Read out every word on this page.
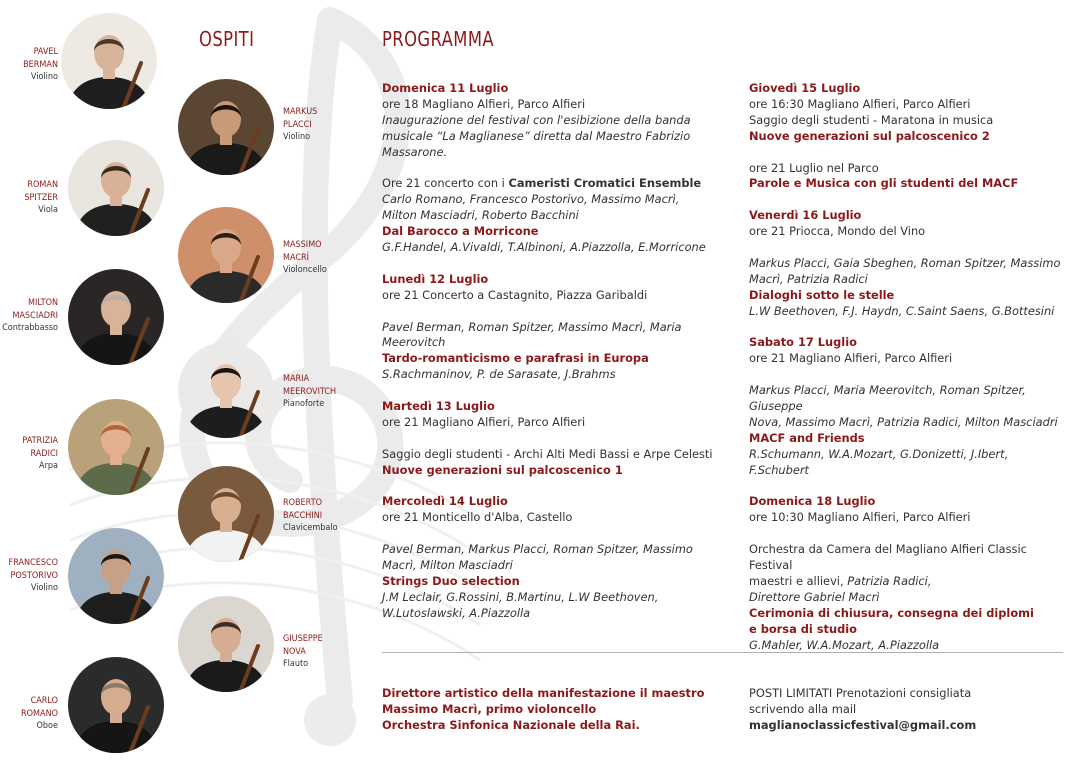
OSPITI	PROGRAMMA
PAVEL
BERMAN
Violino
MARKUS
PLACCI
Violino
ROMAN
SPITZER
Viola
MASSIMO
MACRÌ
Violoncello
MILTON
MASCIADRI
Contrabbasso
MARIA
MEEROVITCH
Pianoforte
PATRIZIA
RADICI
Arpa
ROBERTO
BACCHINI
Clavicembalo
FRANCESCO
POSTORIVO
Violino
GIUSEPPE
NOVA
Flauto
CARLO
ROMANO
Oboe

Domenica 11 Luglio

ore 18 Magliano Alfieri, Parco Alfieri

Inaugurazione del festival con l'esibizione della banda

musicale “La Maglianese” diretta dal Maestro Fabrizio

Massarone.

Ore 21 concerto con i Cameristi Cromatici Ensemble

Carlo Romano, Francesco Postorivo, Massimo Macrì,

Milton Masciadri, Roberto Bacchini

Dal Barocco a Morricone

G.F.Handel, A.Vivaldi, T.Albinoni, A.Piazzolla, E.Morricone

Lunedì 12 Luglio

ore 21 Concerto a Castagnito, Piazza Garibaldi

Pavel Berman, Roman Spitzer, Massimo Macrì, Maria

Meerovitch

Tardo-romanticismo e parafrasi in Europa

S.Rachmaninov, P. de Sarasate, J.Brahms

Martedì 13 Luglio

ore 21 Magliano Alfieri, Parco Alfieri

Saggio degli studenti - Archi Alti Medi Bassi e Arpe Celesti

Nuove generazioni sul palcoscenico 1

Mercoledì 14 Luglio

ore 21 Monticello d'Alba, Castello

Pavel Berman, Markus Placci, Roman Spitzer, Massimo

Macrì, Milton Masciadri

Strings Duo selection

J.M Leclair, G.Rossini, B.Martinu, L.W Beethoven,

W.Lutoslawski, A.Piazzolla

Giovedì 15 Luglio

ore 16:30 Magliano Alfieri, Parco Alfieri

Saggio degli studenti - Maratona in musica

Nuove generazioni sul palcoscenico 2

ore 21 Luglio nel Parco

Parole e Musica con gli studenti del MACF

Venerdì 16 Luglio

ore 21 Priocca, Mondo del Vino

Markus Placci, Gaia Sbeghen, Roman Spitzer, Massimo

Macrì, Patrizia Radici

Dialoghi sotto le stelle

L.W Beethoven, F.J. Haydn, C.Saint Saens, G.Bottesini

Sabato 17 Luglio

ore 21 Magliano Alfieri, Parco Alfieri

Markus Placci, Maria Meerovitch, Roman Spitzer, Giuseppe

Nova, Massimo Macrì, Patrizia Radici, Milton Masciadri

MACF and Friends

R.Schumann, W.A.Mozart, G.Donizetti, J.Ibert, F.Schubert

Domenica 18 Luglio

ore 10:30 Magliano Alfieri, Parco Alfieri

Orchestra da Camera del Magliano Alfieri Classic Festival

maestri e allievi, Patrizia Radici,

Direttore Gabriel Macrì

Cerimonia di chiusura, consegna dei diplomi

e borsa di studio

G.Mahler, W.A.Mozart, A.Piazzolla

Direttore artistico della manifestazione il maestro

Massimo Macrì, primo violoncello

Orchestra Sinfonica Nazionale della Rai.

POSTI LIMITATI Prenotazioni consigliata

scrivendo alla mail maglianoclassicfestival@gmail.com
